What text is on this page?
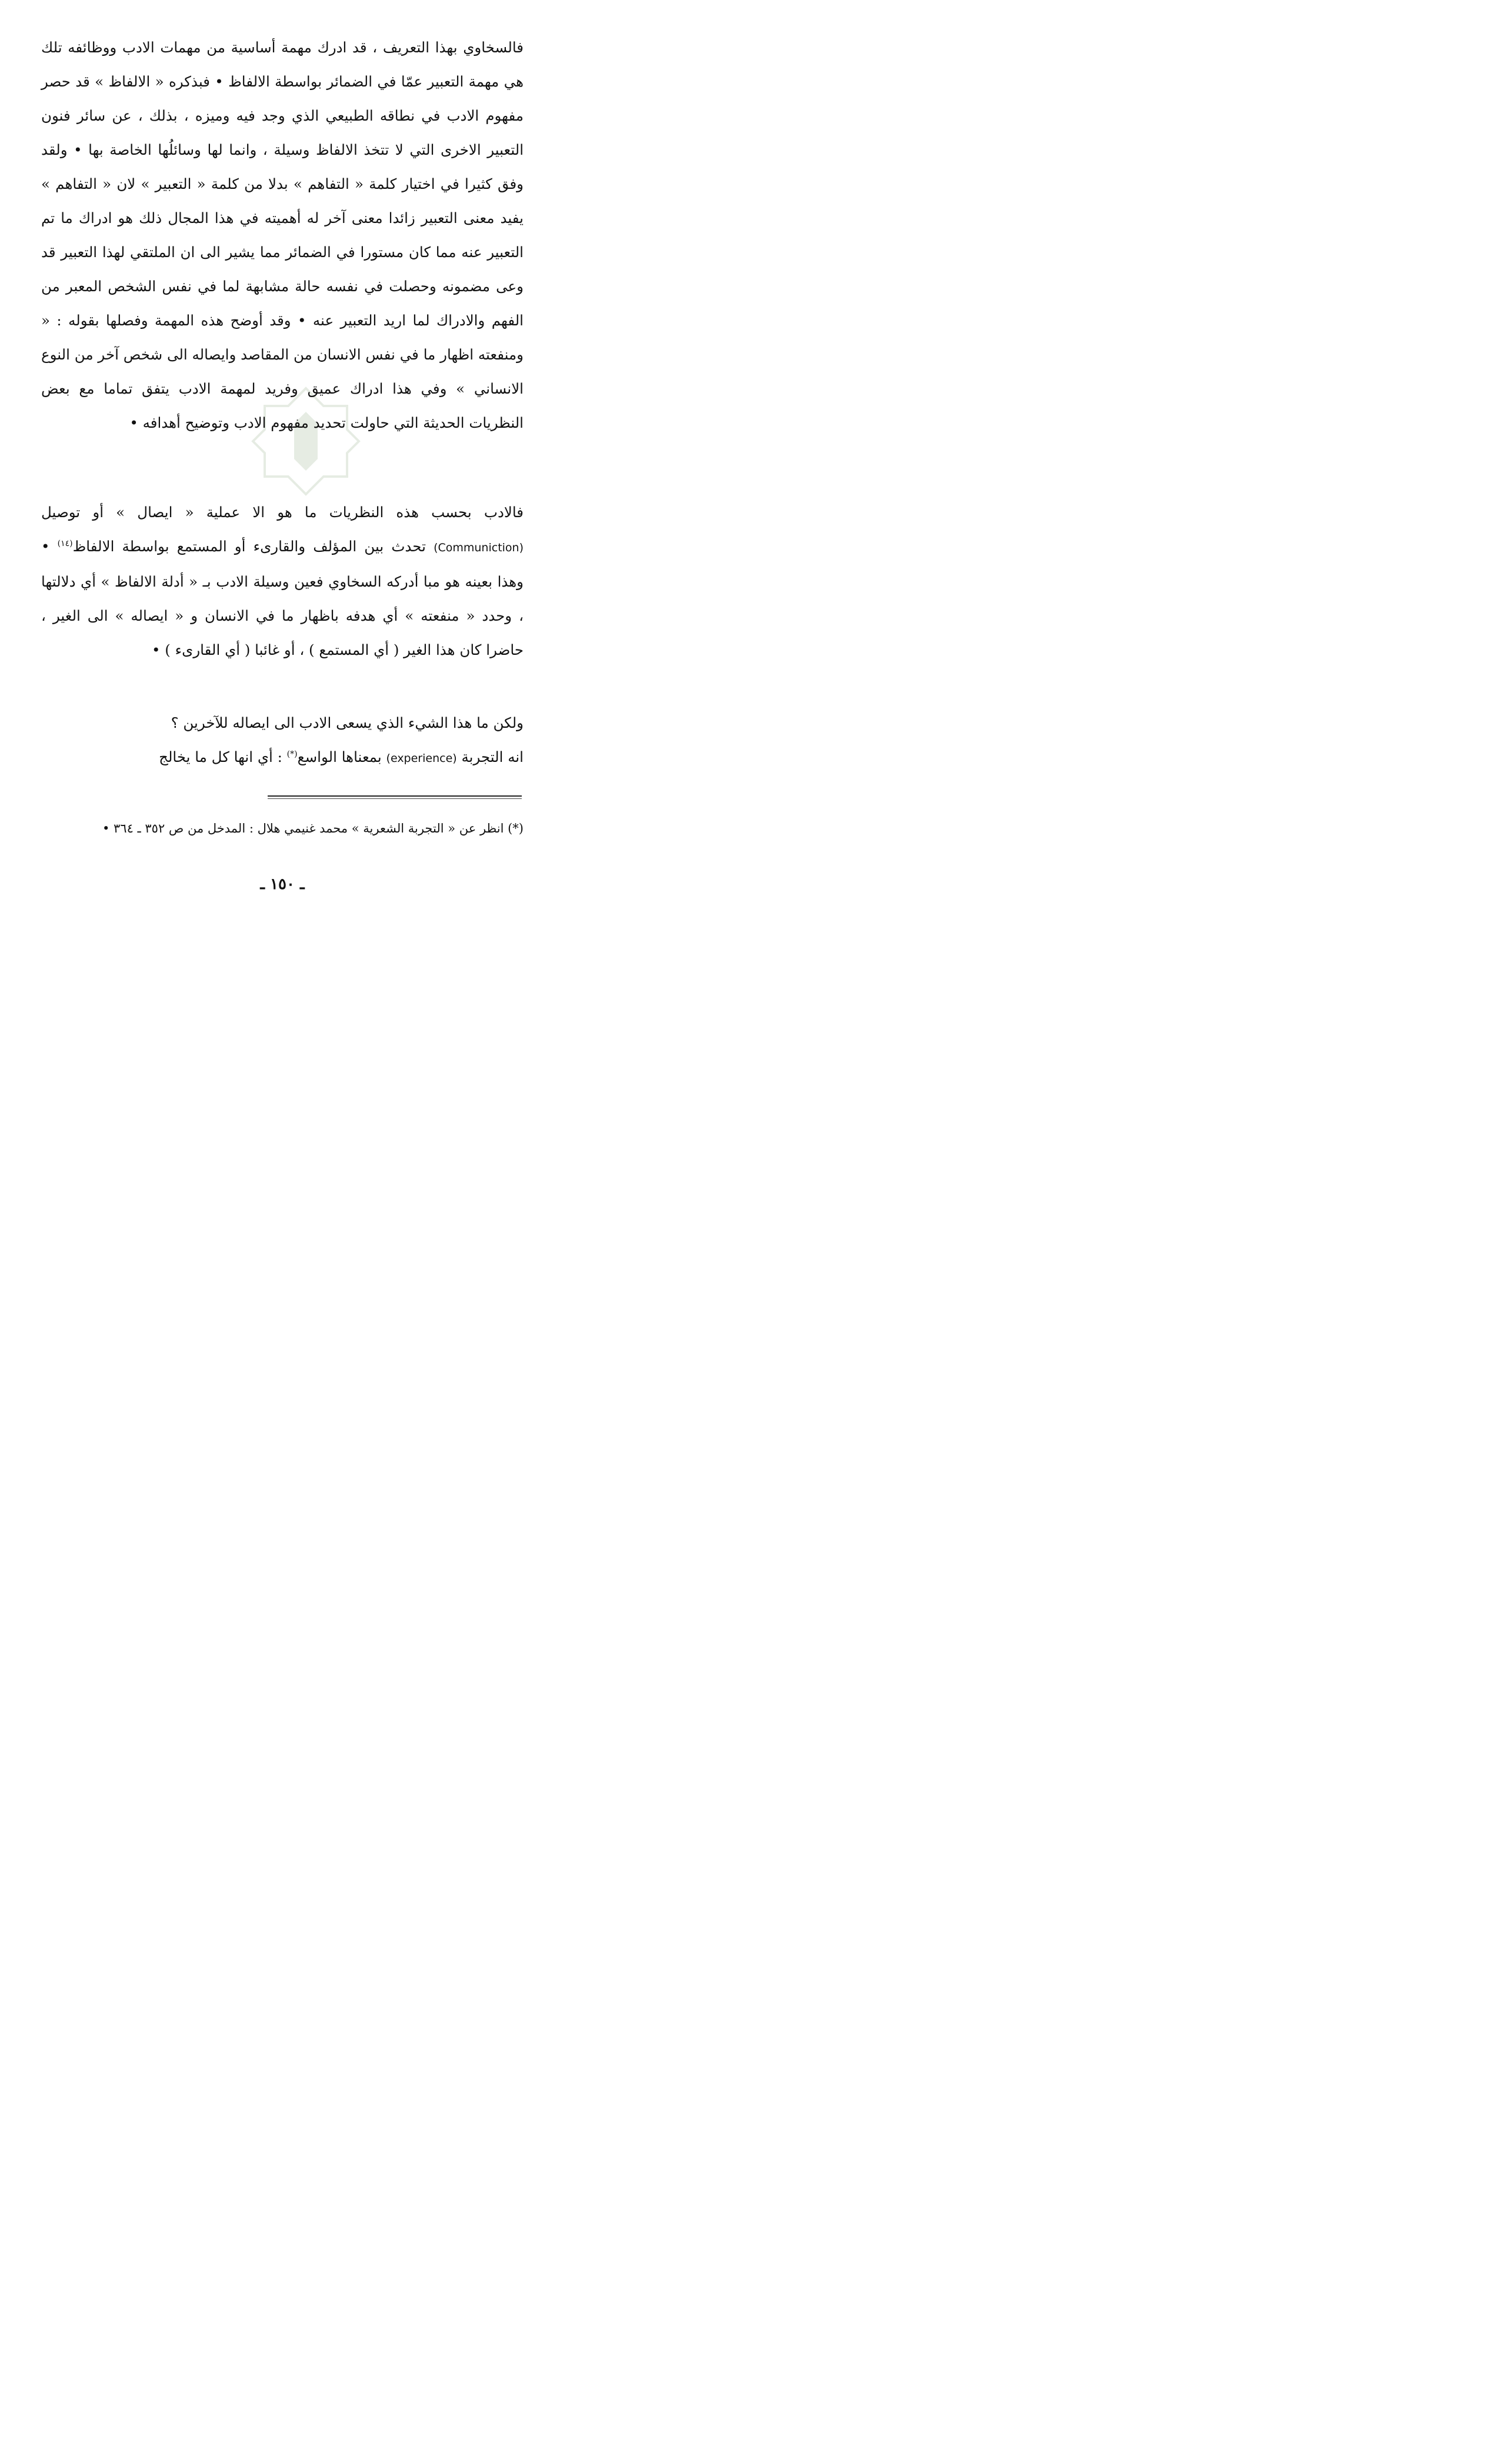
فالسخاوي بهذا التعريف ، قد ادرك مهمة أساسية من مهمات الادب ووظائفه تلك هي مهمة التعبير عمّا في الضمائر بواسطة الالفاظ • فبذكره « الالفاظ » قد حصر مفهوم الادب في نطاقه الطبيعي الذي وجد فيه وميزه ، بذلك ، عن سائر فنون التعبير الاخرى التي لا تتخذ الالفاظ وسيلة ، وانما لها وسائلُها الخاصة بها • ولقد وفق كثيرا في اختيار كلمة « التفاهم » بدلا من كلمة « التعبير » لان « التفاهم » يفيد معنى التعبير زائدا معنى آخر له أهميته في هذا المجال ذلك هو ادراك ما تم التعبير عنه مما كان مستورا في الضمائر مما يشير الى ان الملتقي لهذا التعبير قد وعى مضمونه وحصلت في نفسه حالة مشابهة لما في نفس الشخص المعبر من الفهم والادراك لما اريد التعبير عنه • وقد أوضح هذه المهمة وفصلها بقوله : « ومنفعته اظهار ما في نفس الانسان من المقاصد وايصاله الى شخص آخر من النوع الانساني » وفي هذا ادراك عميق وفريد لمهمة الادب يتفق تماما مع بعض النظريات الحديثة التي حاولت تحديد مفهوم الادب وتوضيح أهدافه •

فالادب بحسب هذه النظريات ما هو الا عملية « ايصال » أو توصيل (Communiction) تحدث بين المؤلف والقارىء أو المستمع بواسطة الالفاظ$^{(١٤)}$ • وهذا بعينه هو مبا أدركه السخاوي فعين وسيلة الادب بـ « أدلة الالفاظ » أي دلالتها ، وحدد « منفعته » أي هدفه باظهار ما في الانسان و « ايصاله » الى الغير ، حاضرا كان هذا الغير ( أي المستمع ) ، أو غائبا ( أي القارىء ) •

ولكن ما هذا الشيء الذي يسعى الادب الى ايصاله للآخرين ؟

انه التجربة (experience) بمعناها الواسع(*) : أي انها كل ما يخالج

(*) انظر عن « التجربة الشعرية » محمد غنيمي هلال : المدخل من ص ٣٥٢ ـ ٣٦٤ •

ـ ١٥٠ ـ
